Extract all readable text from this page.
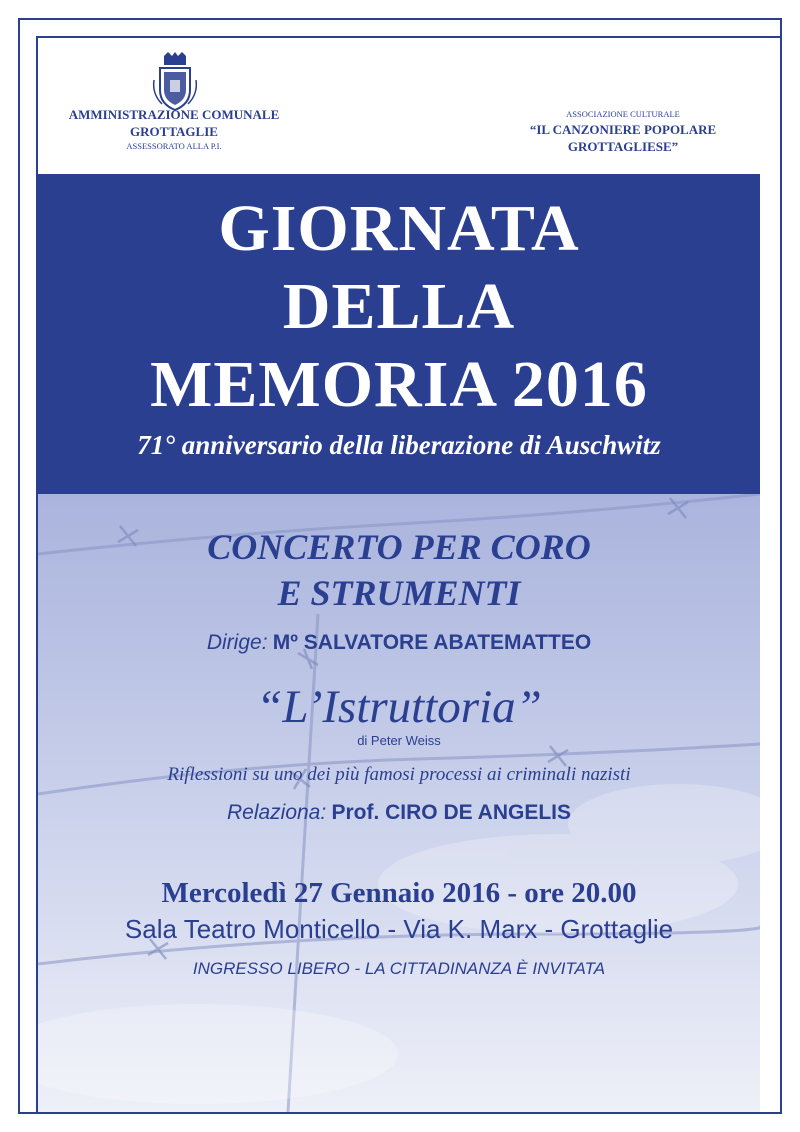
AMMINISTRAZIONE COMUNALE
GROTTAGLIE
ASSESSORATO ALLA P.I.
ASSOCIAZIONE CULTURALE
“IL CANZONIERE POPOLARE
GROTTAGLIESE”
GIORNATA
DELLA
MEMORIA 2016
71° anniversario della liberazione di Auschwitz
CONCERTO PER CORO
E STRUMENTI
Dirige: Mº SALVATORE ABATEMATTEO
“L’Istruttoria”
di Peter Weiss
Riflessioni su uno dei più famosi processi ai criminali nazisti
Relaziona: Prof. CIRO DE ANGELIS
Mercoledì 27 Gennaio 2016 - ore 20.00
Sala Teatro Monticello - Via K. Marx - Grottaglie
INGRESSO LIBERO - LA CITTADINANZA È INVITATA
